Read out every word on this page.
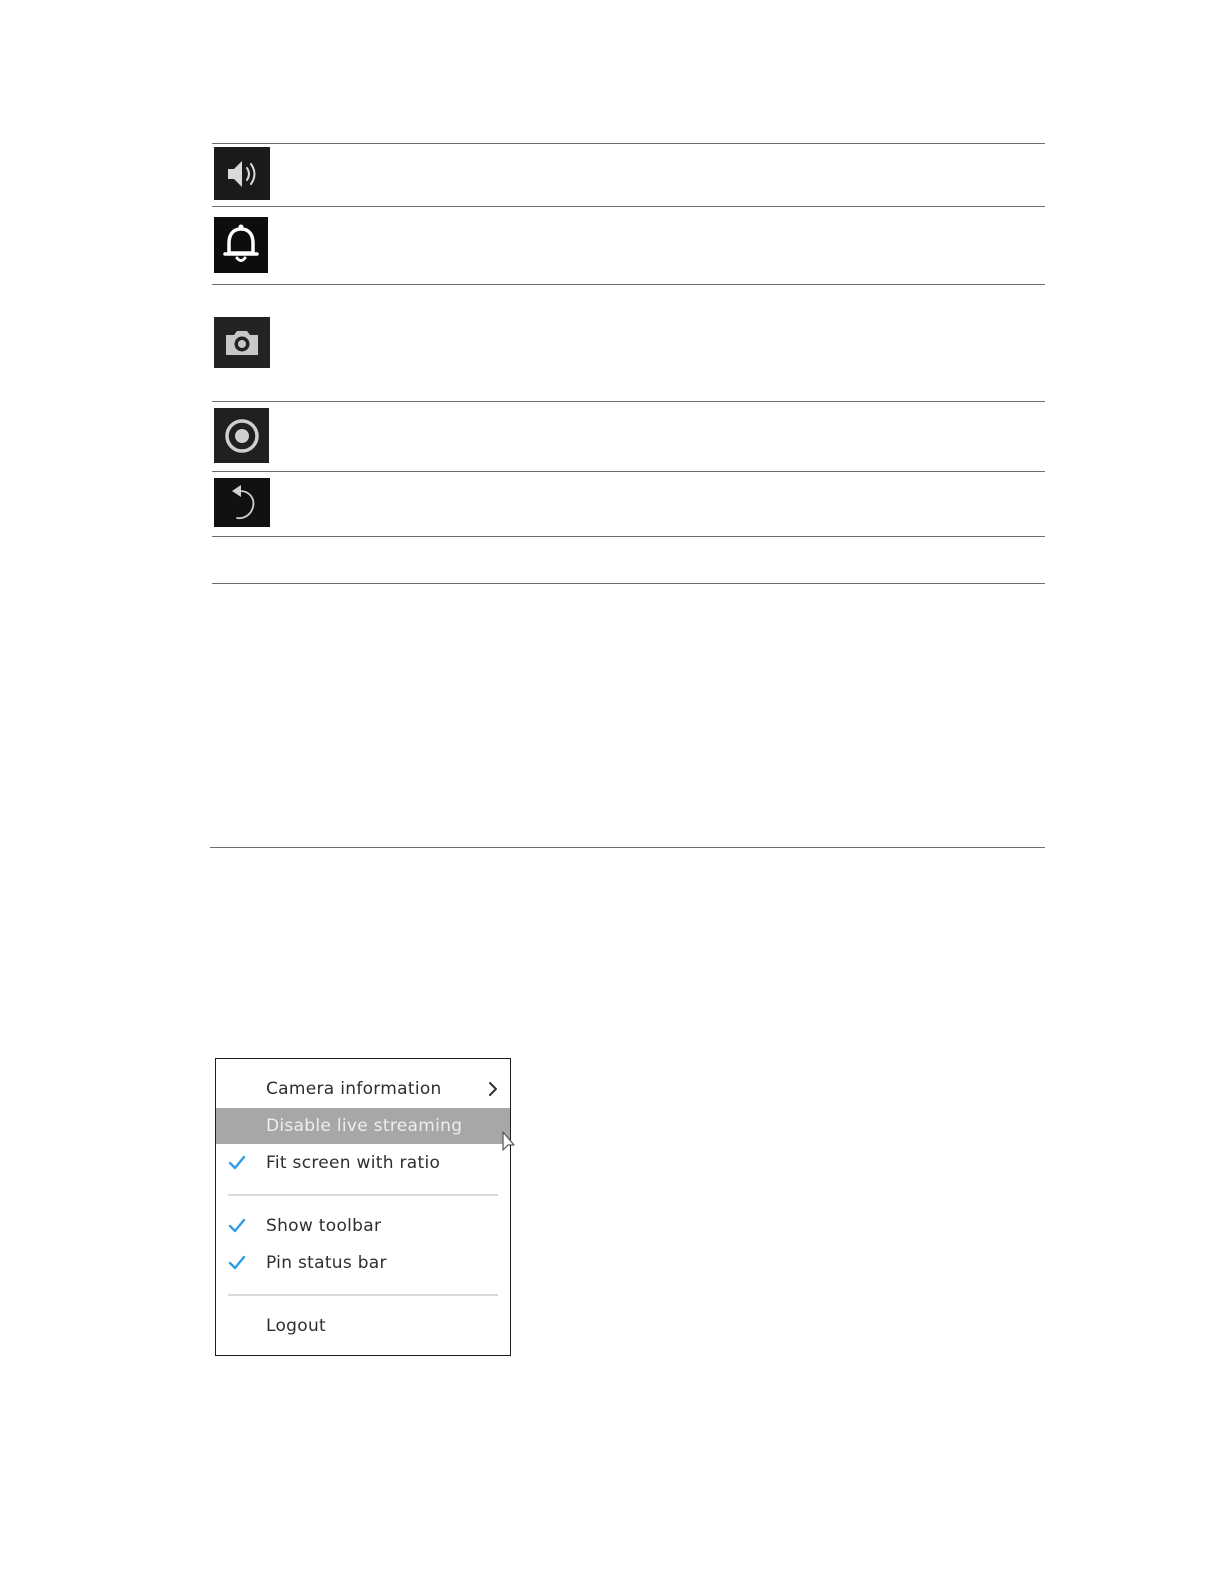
Camera information
Disable live streaming
Fit screen with ratio
Show toolbar
Pin status bar
Logout
